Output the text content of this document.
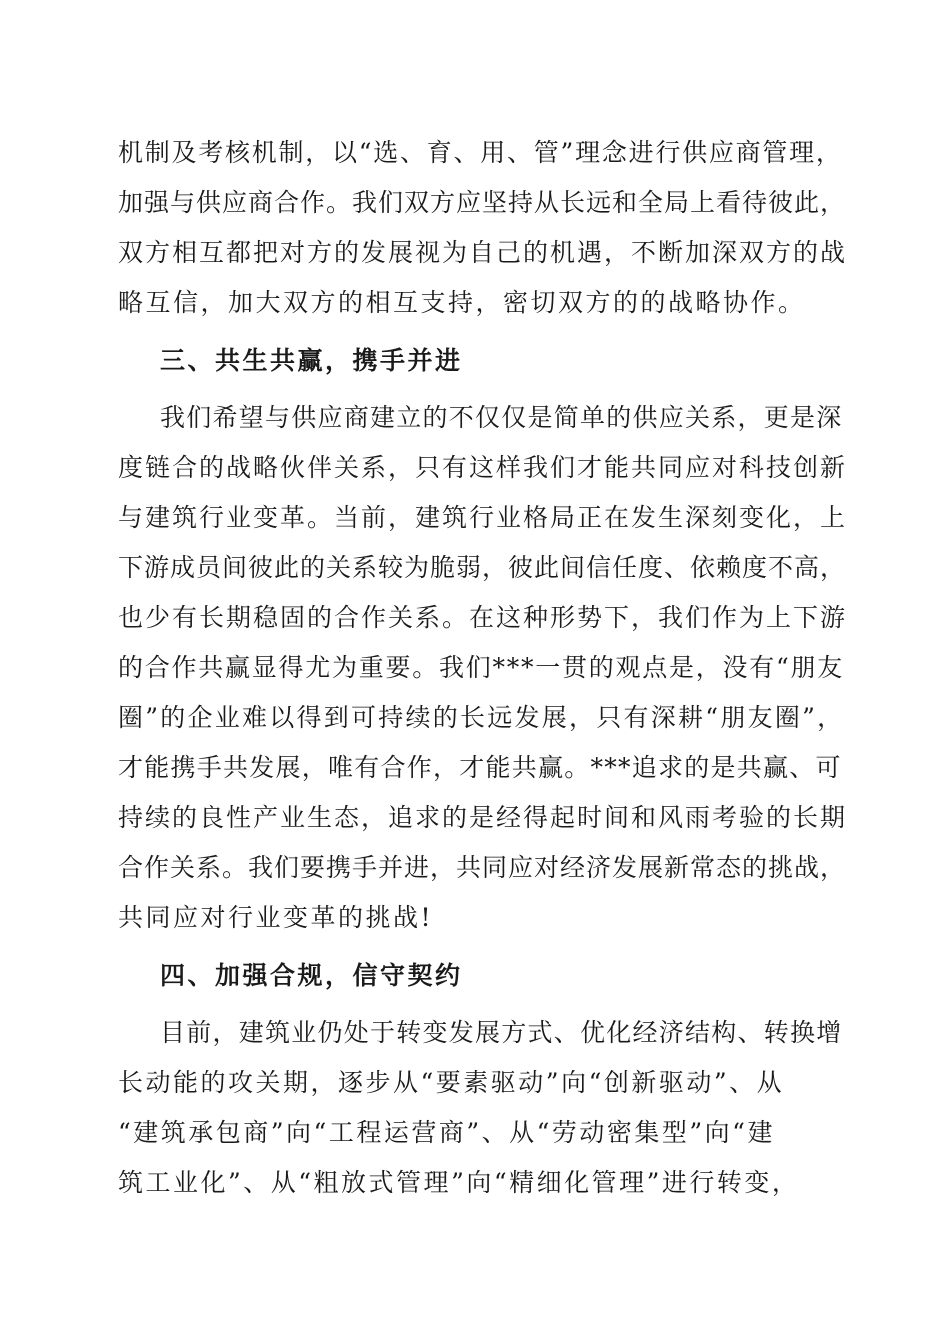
机制及考核机制，以“选、育、用、管”理念进行供应商管理，
加强与供应商合作。我们双方应坚持从长远和全局上看待彼此，
双方相互都把对方的发展视为自己的机遇，不断加深双方的战
略互信，加大双方的相互支持，密切双方的的战略协作。
三、共生共赢，携手并进
我们希望与供应商建立的不仅仅是简单的供应关系，更是深
度链合的战略伙伴关系，只有这样我们才能共同应对科技创新
与建筑行业变革。当前，建筑行业格局正在发生深刻变化，上
下游成员间彼此的关系较为脆弱，彼此间信任度、依赖度不高，
也少有长期稳固的合作关系。在这种形势下，我们作为上下游
的合作共赢显得尤为重要。我们***一贯的观点是，没有“朋友
圈”的企业难以得到可持续的长远发展，只有深耕“朋友圈”，
才能携手共发展，唯有合作，才能共赢。***追求的是共赢、可
持续的良性产业生态，追求的是经得起时间和风雨考验的长期
合作关系。我们要携手并进，共同应对经济发展新常态的挑战，
共同应对行业变革的挑战!
四、加强合规，信守契约
目前，建筑业仍处于转变发展方式、优化经济结构、转换增
长动能的攻关期，逐步从“要素驱动”向“创新驱动”、从
“建筑承包商”向“工程运营商”、从“劳动密集型”向“建
筑工业化”、从“粗放式管理”向“精细化管理”进行转变，
